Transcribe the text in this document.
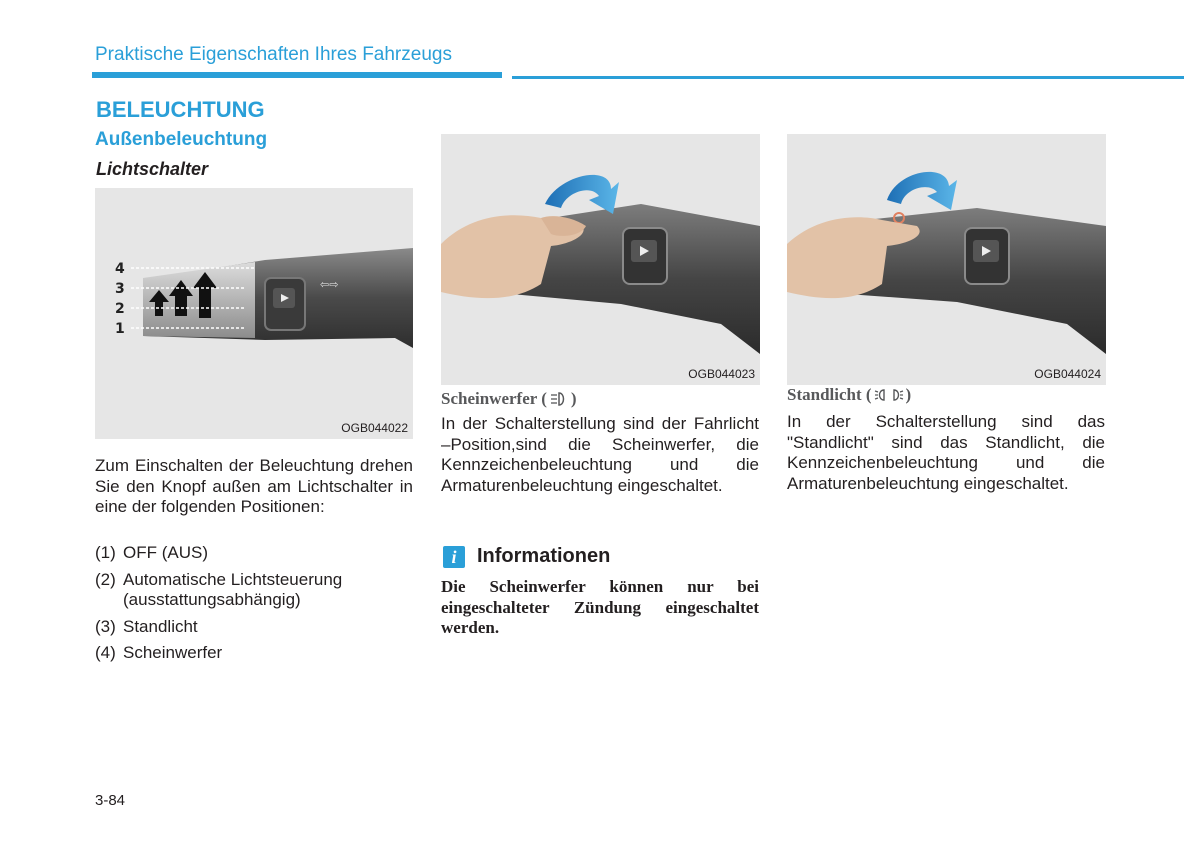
Praktische Eigenschaften Ihres Fahrzeugs
BELEUCHTUNG
Außenbeleuchtung
Lichtschalter
⇦⇨
4
3
2
1
OGB044022
OGB044023	OGB044024
Zum Einschalten der Beleuchtung drehen Sie den Knopf außen am Lichtschalter in eine der folgenden Positionen:
(1) OFF (AUS)
(2) Automatische Lichtsteuerung (ausstattungsabhängig)
(3) Standlicht
(4) Scheinwerfer
Scheinwerfer ( )
In der Schalterstellung sind der Fahrlicht –Position,sind die Scheinwerfer, die Kennzeichenbeleuchtung und die Armaturenbeleuchtung eingeschaltet.
i	Informationen
Die Scheinwerfer können nur bei eingeschalteter Zündung eingeschaltet werden.
Standlicht ( )
In der Schalterstellung sind das "Standlicht" sind das Standlicht, die Kennzeichenbeleuchtung und die Armaturenbeleuchtung eingeschaltet.
3-84
